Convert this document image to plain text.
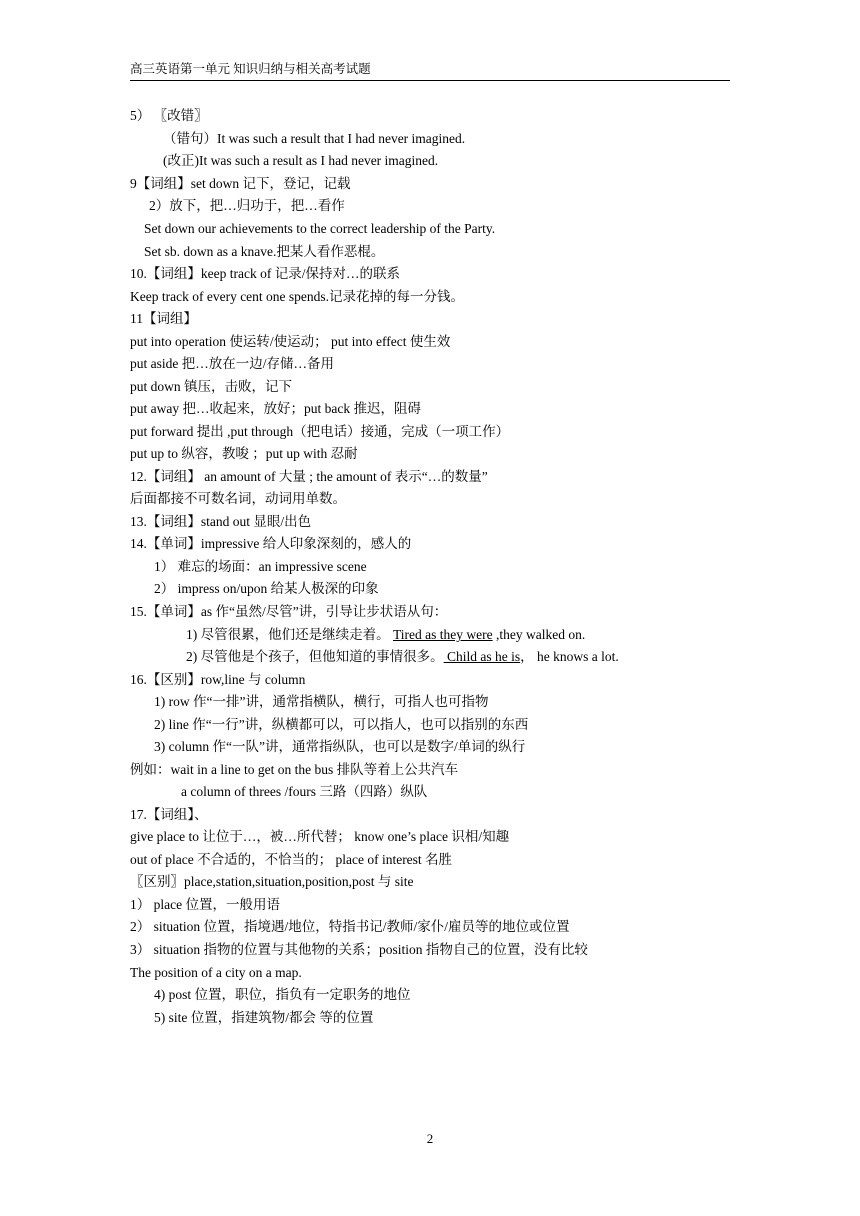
高三英语第一单元 知识归纳与相关高考试题
5） 〖改错〗
（错句）It was such a result that I had never imagined.
(改正)It was such a result as I had never imagined.
9【词组】set down 记下，登记，记载
2）放下，把…归功于，把…看作
Set down our achievements to the correct leadership of the Party.
Set sb. down as a knave.把某人看作恶棍。
10.【词组】keep track of 记录/保持对…的联系
Keep track of every cent one spends.记录花掉的每一分钱。
11【词组】
put into operation 使运转/使运动； put into effect 使生效
put aside 把…放在一边/存储…备用
put down 镇压，击败，记下
put away 把…收起来，放好；put back 推迟，阻碍
put forward 提出 ,put through（把电话）接通，完成（一项工作）
put up to 纵容，教唆 ；put up with 忍耐
12.【词组】 an amount of 大量 ; the amount of 表示“…的数量”
后面都接不可数名词，动词用单数。
13.【词组】stand out 显眼/出色
14.【单词】impressive 给人印象深刻的，感人的
1） 难忘的场面：an impressive scene
2） impress on/upon 给某人极深的印象
15.【单词】as 作“虽然/尽管”讲，引导让步状语从句：
1) 尽管很累，他们还是继续走着。 Tired as they were ,they walked on.
2) 尽管他是个孩子，但他知道的事情很多。 Child as he is， he knows a lot.
16.【区别】row,line 与 column
1) row 作“一排”讲，通常指横队，横行，可指人也可指物
2) line 作“一行”讲，纵横都可以，可以指人，也可以指别的东西
3) column 作“一队”讲，通常指纵队，也可以是数字/单词的纵行
例如：wait in a line to get on the bus 排队等着上公共汽车
a column of threes /fours 三路（四路）纵队
17.【词组】、
give place to 让位于…，被…所代替； know one’s place 识相/知趣
out of place 不合适的，不恰当的； place of interest 名胜
〖区别〗place,station,situation,position,post 与 site
1） place 位置，一般用语
2） situation 位置，指境遇/地位，特指书记/教师/家仆/雇员等的地位或位置
3） situation 指物的位置与其他物的关系；position 指物自己的位置，没有比较
The position of a city on a map.
4) post 位置，职位，指负有一定职务的地位
5) site 位置，指建筑物/都会 等的位置
2
